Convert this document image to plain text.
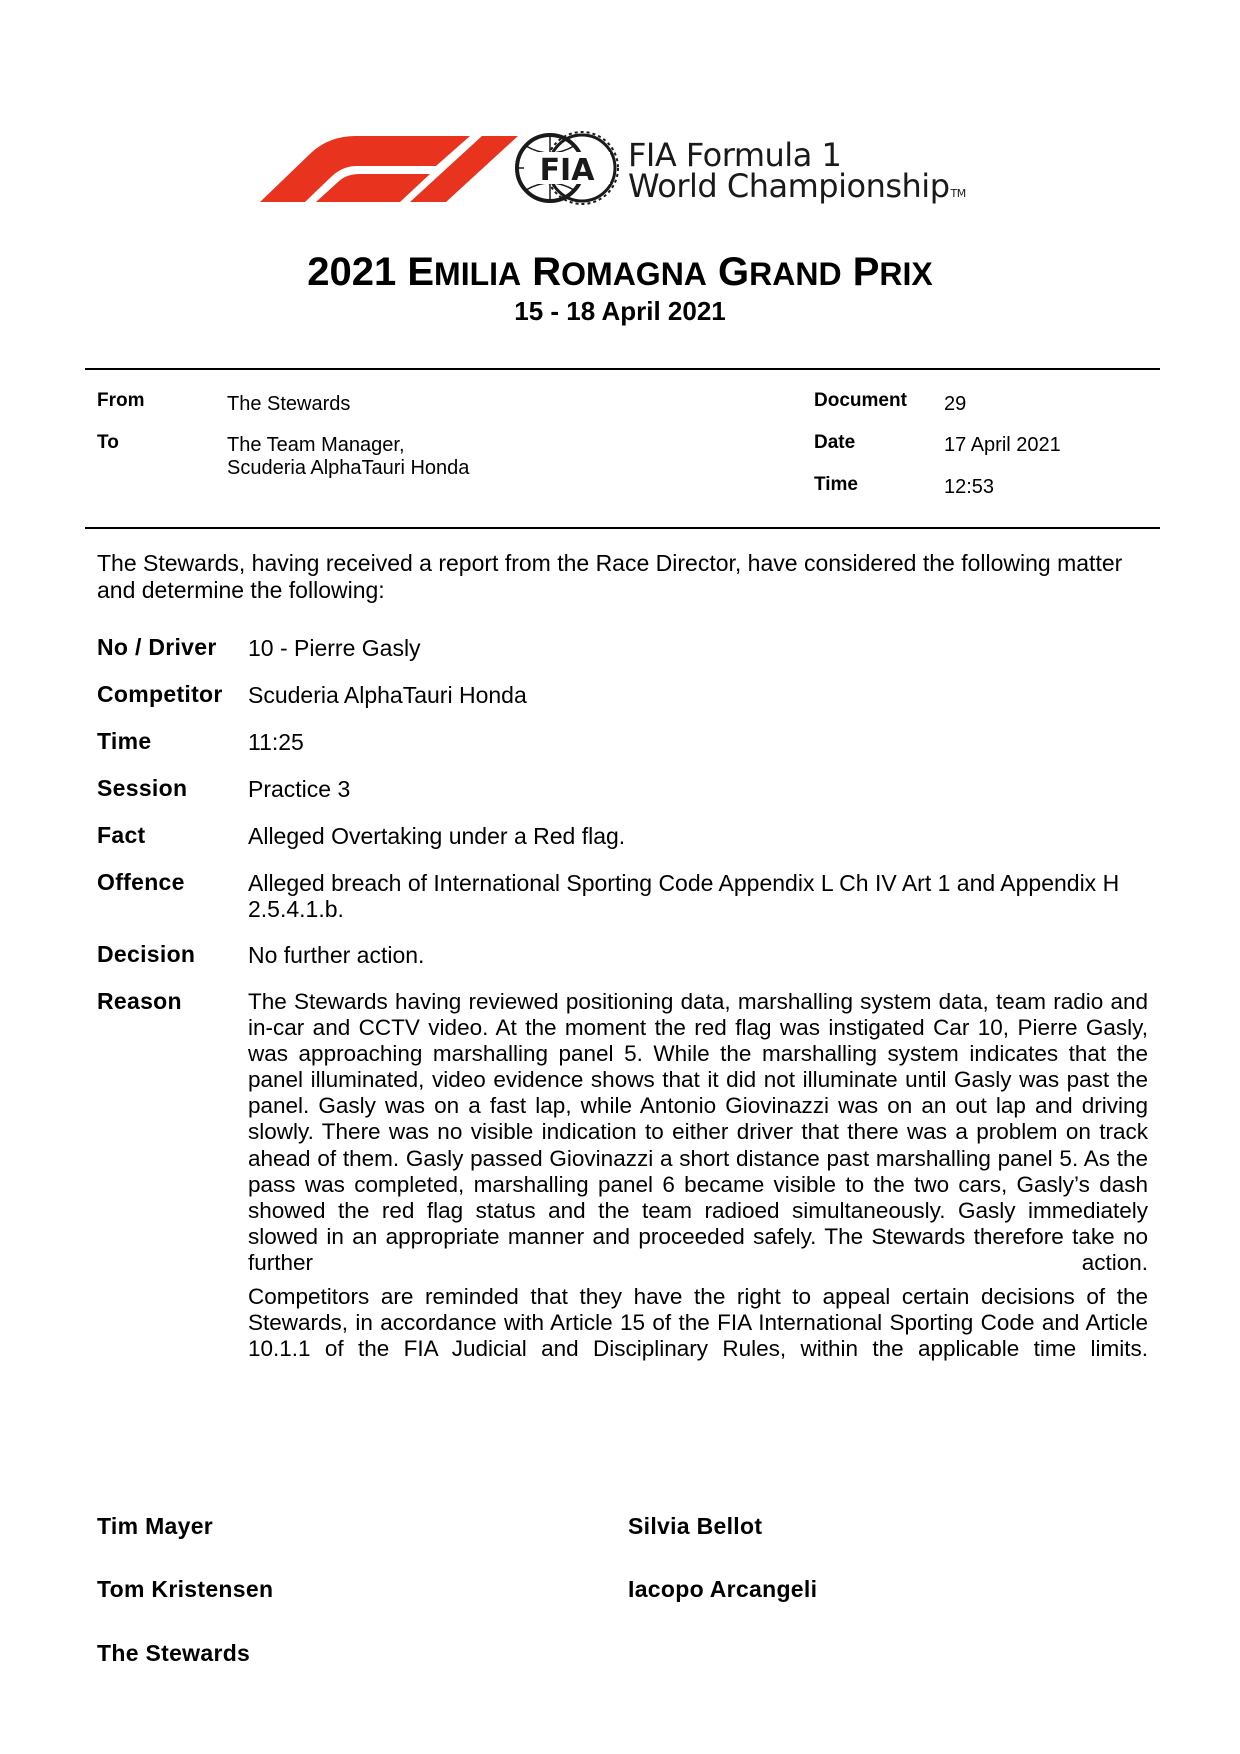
FIA FIA Formula 1
World ChampionshipTM
2021 EMILIA ROMAGNA GRAND PRIX
15 - 18 April 2021
From	The Stewards
To	The Team Manager,
Scuderia AlphaTauri Honda
Document 29
Date	17 April 2021
Time	12:53
The Stewards, having received a report from the Race Director, have considered the following matter and determine the following:
No / Driver 10 - Pierre Gasly
Competitor Scuderia AlphaTauri Honda
Time	11:25
Session	Practice 3
Fact	Alleged Overtaking under a Red flag.
Offence	Alleged breach of International Sporting Code Appendix L Ch IV Art 1 and Appendix H 2.5.4.1.b.
Decision No further action.
Reason	The Stewards having reviewed positioning data, marshalling system data, team radio and in-car and CCTV video. At the moment the red flag was instigated Car 10, Pierre Gasly, was approaching marshalling panel 5. While the marshalling system indicates that the panel illuminated, video evidence shows that it did not illuminate until Gasly was past the panel. Gasly was on a fast lap, while Antonio Giovinazzi was on an out lap and driving slowly. There was no visible indication to either driver that there was a problem on track ahead of them. Gasly passed Giovinazzi a short distance past marshalling panel 5. As the pass was completed, marshalling panel 6 became visible to the two cars, Gasly’s dash showed the red flag status and the team radioed simultaneously. Gasly immediately slowed in an appropriate manner and proceeded safely. The Stewards therefore take no further action.

Competitors are reminded that they have the right to appeal certain decisions of the Stewards, in accordance with Article 15 of the FIA International Sporting Code and Article 10.1.1 of the FIA Judicial and Disciplinary Rules, within the applicable time limits.

Tim Mayer	Silvia Bellot
Tom Kristensen	Iacopo Arcangeli
The Stewards
